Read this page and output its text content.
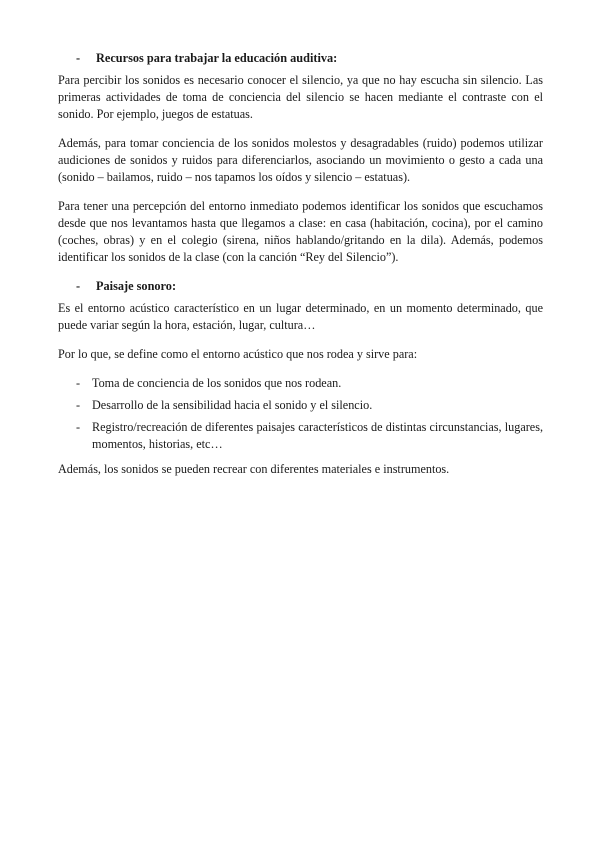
- Recursos para trabajar la educación auditiva:

Para percibir los sonidos es necesario conocer el silencio, ya que no hay escucha sin silencio. Las primeras actividades de toma de conciencia del silencio se hacen mediante el contraste con el sonido. Por ejemplo, juegos de estatuas.

Además, para tomar conciencia de los sonidos molestos y desagradables (ruido) podemos utilizar audiciones de sonidos y ruidos para diferenciarlos, asociando un movimiento o gesto a cada una (sonido – bailamos, ruido – nos tapamos los oídos y silencio – estatuas).

Para tener una percepción del entorno inmediato podemos identificar los sonidos que escuchamos desde que nos levantamos hasta que llegamos a clase: en casa (habitación, cocina), por el camino (coches, obras) y en el colegio (sirena, niños hablando/gritando en la dila). Además, podemos identificar los sonidos de la clase (con la canción “Rey del Silencio”).

- Paisaje sonoro:

Es el entorno acústico característico en un lugar determinado, en un momento determinado, que puede variar según la hora, estación, lugar, cultura…

Por lo que, se define como el entorno acústico que nos rodea y sirve para:

- Toma de conciencia de los sonidos que nos rodean.
- Desarrollo de la sensibilidad hacia el sonido y el silencio.
- Registro/recreación de diferentes paisajes característicos de distintas circunstancias, lugares, momentos, historias, etc…

Además, los sonidos se pueden recrear con diferentes materiales e instrumentos.
